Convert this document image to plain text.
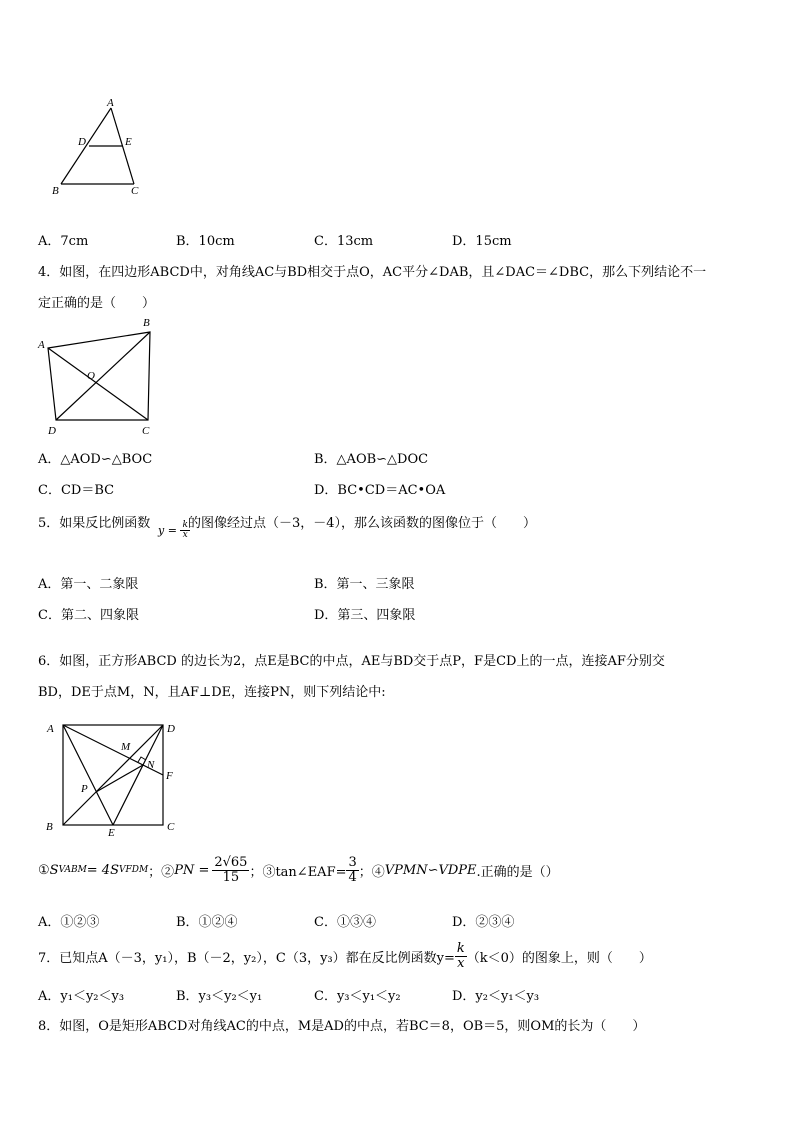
A
D	E
B	C
A．7cm	B．10cm	C．13cm	D．15cm
4．如图，在四边形ABCD中，对角线AC与BD相交于点O，AC平分∠DAB，且∠DAC＝∠DBC，那么下列结论不一
定正确的是（　　）
A
B
O
D	C
A．△AOD∽△BOC	B．△AOB∽△DOC
C．CD＝BC	D．BC•CD＝AC•OA
5．如果反比例函数 $y = \frac{k}{x}$
的图像经过点（－3，－4），那么该函数的图像位于（　　）
A．第一、二象限	B．第一、三象限
C．第二、四象限	D．第三、四象限
6．如图，正方形ABCD 的边长为2，点E是BC的中点，AE与BD交于点P，F是CD上的一点，连接AF分别交
BD，DE于点M，N，且AF⊥DE，连接PN，则下列结论中:
A	D
M
N
F
P
B	E	C
① S VABM = 4S VFDM ；② PN = $\frac{2√65}{15}$ ；③tan∠EAF= $\frac{3}{4}$ ；④ VPMN∽VDPE .正确的是（）
A．①②③	B．①②④	C．①③④	D．②③④
7．已知点A（－3，y₁），B（－2，y₂），C（3，y₃）都在反比例函数$y= \frac{k}{x} (k<0)$的图象上，则（　　）
A．y₁＜y₂＜y₃	B．y₃＜y₂＜y₁	C．y₃＜y₁＜y₂	D．y₂＜y₁＜y₃
8．如图，O是矩形ABCD对角线AC的中点，M是AD的中点，若BC＝8，OB＝5，则OM的长为（　　）
